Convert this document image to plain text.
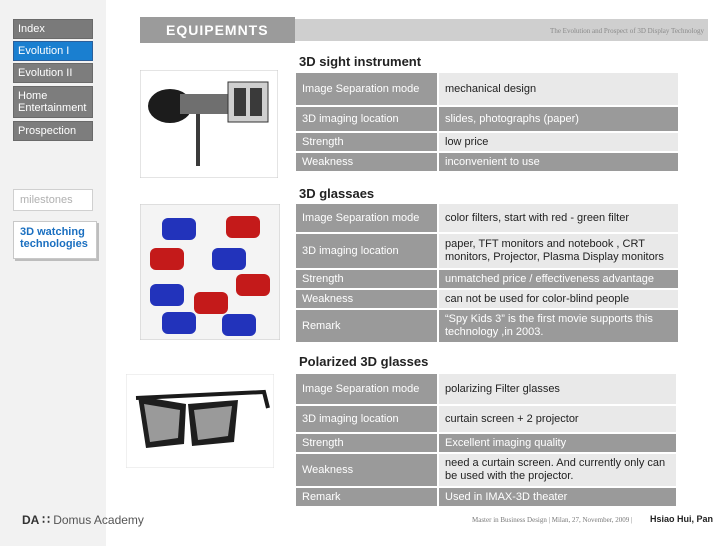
Index
Evolution I
Evolution II
Home Entertainment
Prospection
milestones
3D watching technologies
EQUIPEMNTS	The Evolution and Prospect of 3D Display Technology
3D sight instrument
Image Separation mode	mechanical design
3D imaging location	slides, photographs (paper)
Strength	low price
Weakness	inconvenient to use
3D glassaes
Image Separation mode	color filters, start with red - green filter
3D imaging location	paper, TFT monitors and notebook , CRT monitors, Projector, Plasma Display monitors
Strength	unmatched price / effectiveness advantage
Weakness	can not be used for color-blind people
Remark	“Spy Kids 3” is the first movie supports this technology ,in 2003.
Polarized 3D glasses
Image Separation mode	polarizing Filter glasses
3D imaging location	curtain screen + 2 projector
Strength	Excellent imaging quality
Weakness	need a curtain screen. And currently only can be used with the projector.
Remark	Used in IMAX-3D theater
DA ∷ Domus Academy	Master in Business Design | Milan, 27, November, 2009 | Hsiao Hui, Pan
